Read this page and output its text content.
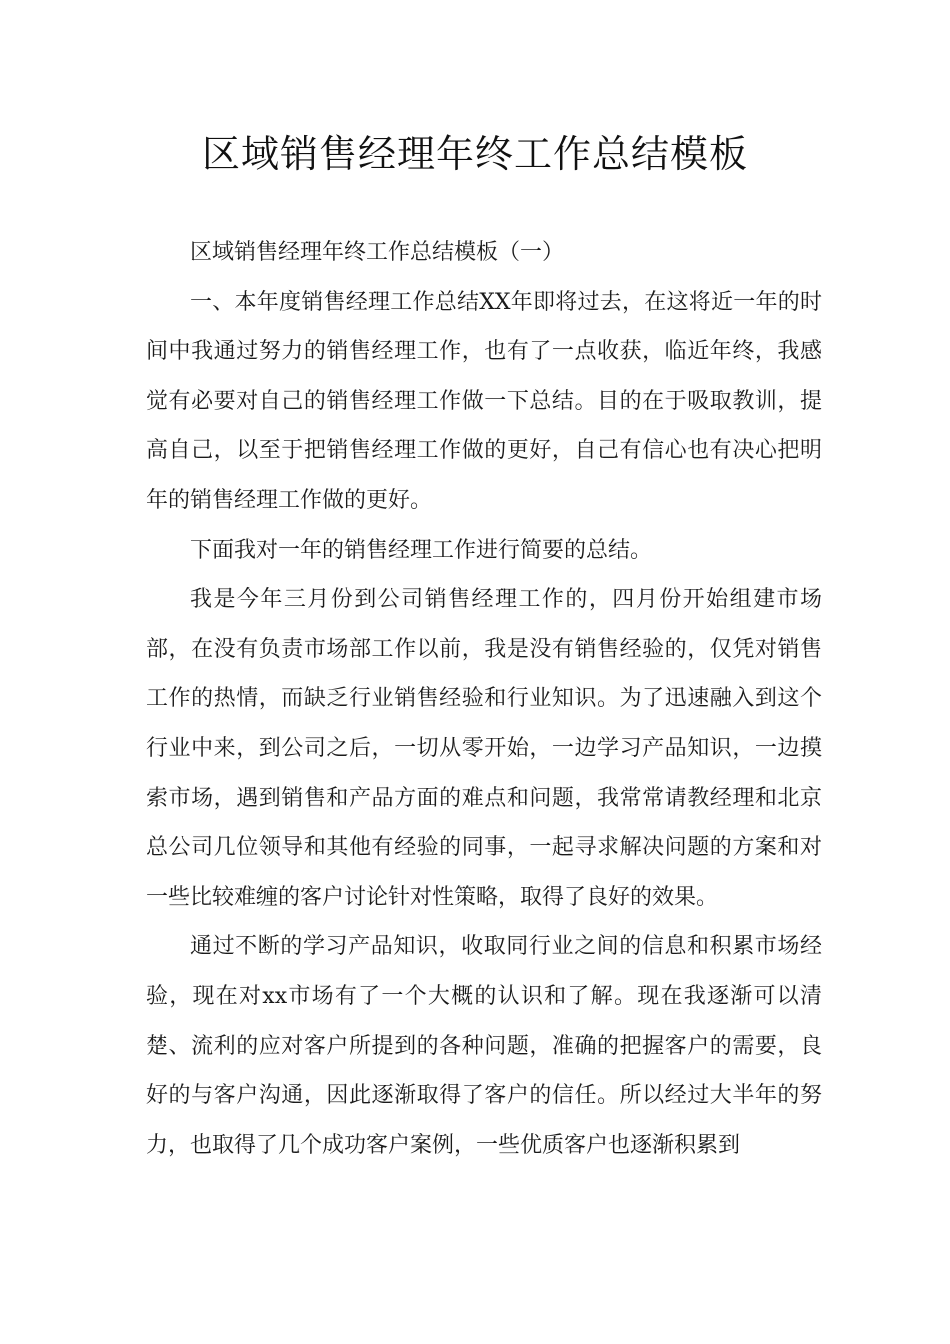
区域销售经理年终工作总结模板

区域销售经理年终工作总结模板（一）

一、本年度销售经理工作总结XX年即将过去，在这将近一年的时间中我通过努力的销售经理工作，也有了一点收获，临近年终，我感觉有必要对自己的销售经理工作做一下总结。目的在于吸取教训，提高自己，以至于把销售经理工作做的更好，自己有信心也有决心把明年的销售经理工作做的更好。

下面我对一年的销售经理工作进行简要的总结。

我是今年三月份到公司销售经理工作的，四月份开始组建市场部，在没有负责市场部工作以前，我是没有销售经验的，仅凭对销售工作的热情，而缺乏行业销售经验和行业知识。为了迅速融入到这个行业中来，到公司之后，一切从零开始，一边学习产品知识，一边摸索市场，遇到销售和产品方面的难点和问题，我常常请教经理和北京总公司几位领导和其他有经验的同事，一起寻求解决问题的方案和对一些比较难缠的客户讨论针对性策略，取得了良好的效果。

通过不断的学习产品知识，收取同行业之间的信息和积累市场经验，现在对xx市场有了一个大概的认识和了解。现在我逐渐可以清楚、流利的应对客户所提到的各种问题，准确的把握客户的需要，良好的与客户沟通，因此逐渐取得了客户的信任。所以经过大半年的努力，也取得了几个成功客户案例，一些优质客户也逐渐积累到
